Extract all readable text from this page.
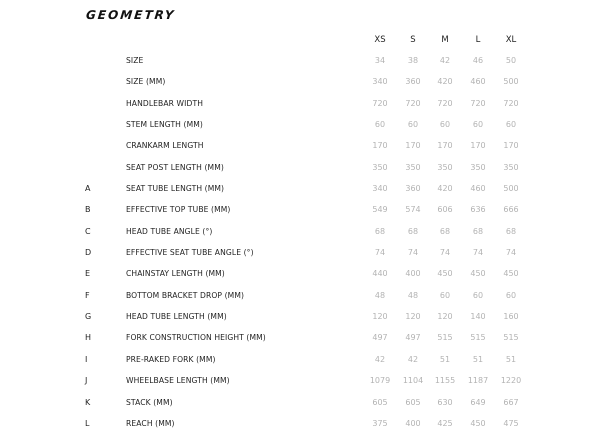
GEOMETRY
XS	S	M	L	XL
SIZE	34	38	42	46	50
SIZE (MM)	340	360	420	460	500
HANDLEBAR WIDTH	720	720	720	720	720
STEM LENGTH (MM)	60	60	60	60	60
CRANKARM LENGTH	170	170	170	170	170
SEAT POST LENGTH (MM)	350	350	350	350	350
A	SEAT TUBE LENGTH (MM)	340	360	420	460	500
B	EFFECTIVE TOP TUBE (MM)	549	574	606	636	666
C	HEAD TUBE ANGLE (°)	68	68	68	68	68
D	EFFECTIVE SEAT TUBE ANGLE (°)	74	74	74	74	74
E	CHAINSTAY LENGTH (MM)	440	400	450	450	450
F	BOTTOM BRACKET DROP (MM)	48	48	60	60	60
G	HEAD TUBE LENGTH (MM)	120	120	120	140	160
H	FORK CONSTRUCTION HEIGHT (MM)	497	497	515	515	515
I	PRE-RAKED FORK (MM)	42	42	51	51	51
J	WHEELBASE LENGTH (MM)	1079	1104	1155	1187	1220
K	STACK (MM)	605	605	630	649	667
L	REACH (MM)	375	400	425	450	475
